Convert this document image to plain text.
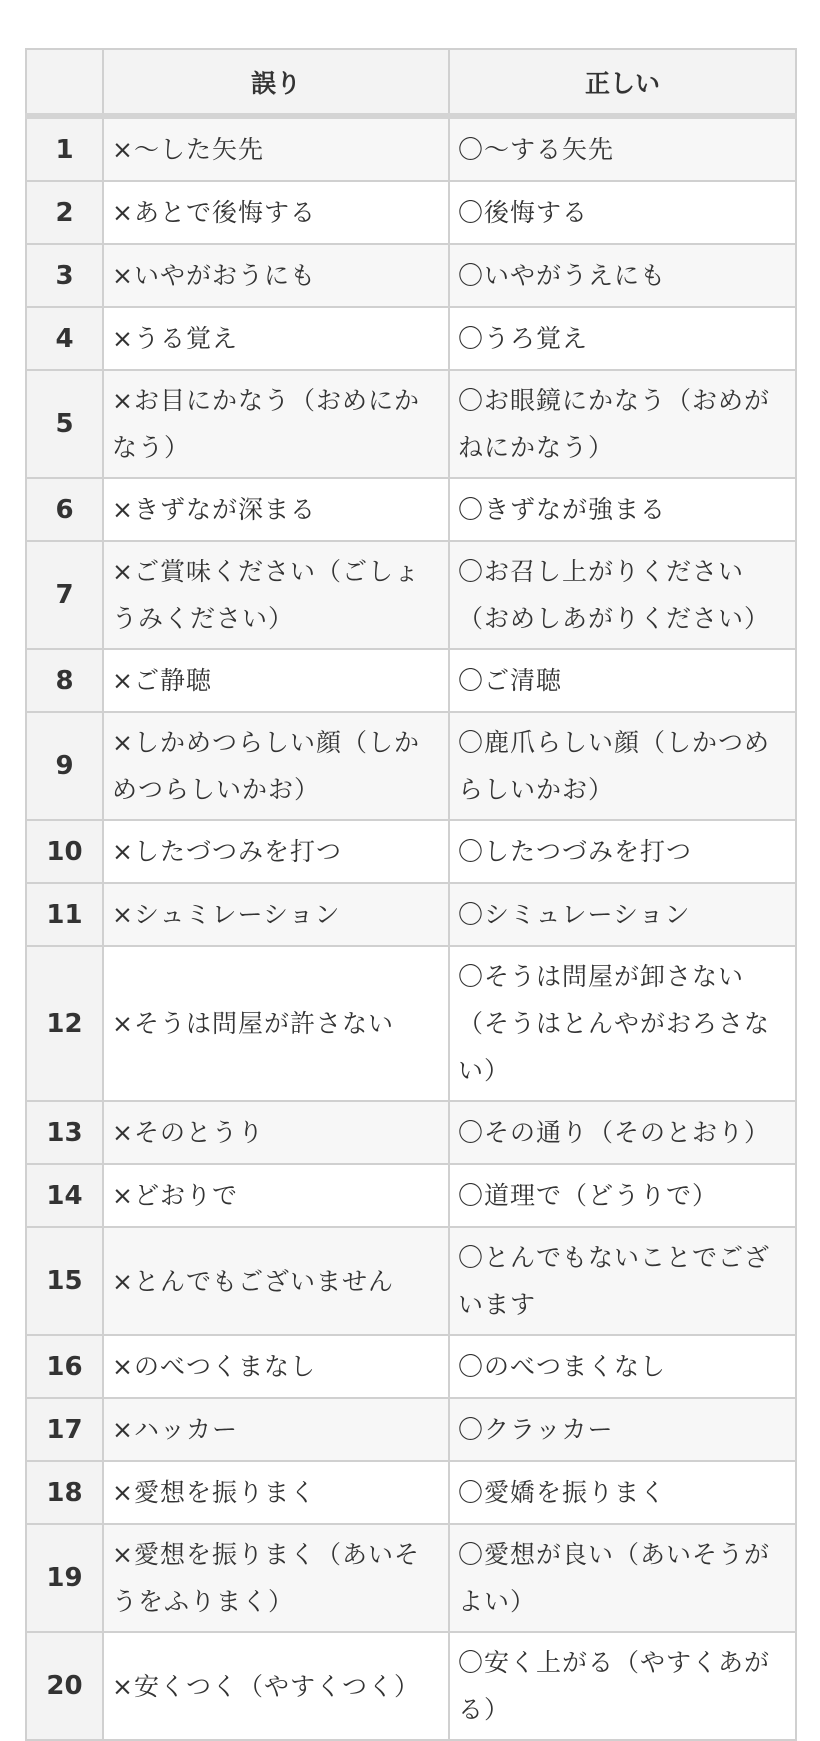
	誤り	正しい
1	×〜した矢先	〇〜する矢先
2	×あとで後悔する	〇後悔する
3	×いやがおうにも	〇いやがうえにも
4	×うる覚え	〇うろ覚え
5	×お目にかなう（おめにかなう）	〇お眼鏡にかなう（おめがねにかなう）
6	×きずなが深まる	〇きずなが強まる
7	×ご賞味ください（ごしょうみください）	〇お召し上がりください（おめしあがりください）
8	×ご静聴	〇ご清聴
9	×しかめつらしい顔（しかめつらしいかお）	〇鹿爪らしい顔（しかつめらしいかお）
10	×したづつみを打つ	〇したつづみを打つ
11	×シュミレーション	〇シミュレーション
12	×そうは問屋が許さない	〇そうは問屋が卸さない（そうはとんやがおろさない）
13	×そのとうり	〇その通り（そのとおり）
14	×どおりで	〇道理で（どうりで）
15	×とんでもございません	〇とんでもないことでございます
16	×のべつくまなし	〇のべつまくなし
17	×ハッカー	〇クラッカー
18	×愛想を振りまく	〇愛嬌を振りまく
19	×愛想を振りまく（あいそうをふりまく）	〇愛想が良い（あいそうがよい）
20	×安くつく（やすくつく）	〇安く上がる（やすくあがる）
